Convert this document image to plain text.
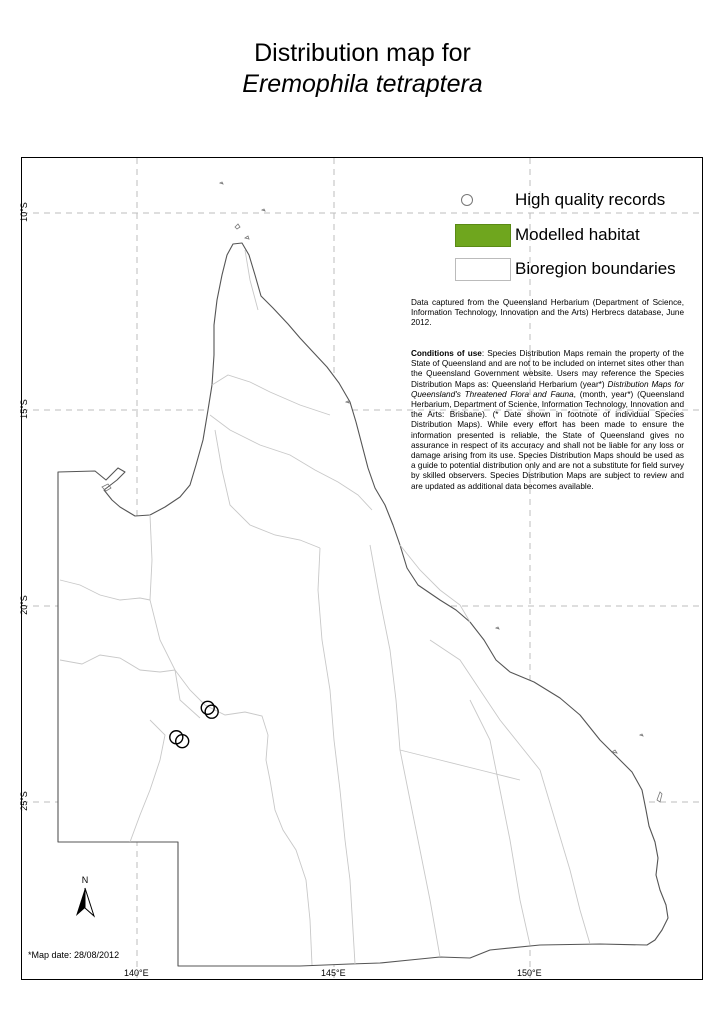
Distribution map for
Eremophila tetraptera
10°S
15°S
20°S
25°S
140°E	145°E	150°E
High quality records
Modelled habitat
Bioregion boundaries
Data captured from the Queensland Herbarium (Department of Science, Information Technology, Innovation and the Arts) Herbrecs database, June 2012.
Conditions of use: Species Distribution Maps remain the property of the State of Queensland and are not to be included on internet sites other than the Queensland Government website. Users may reference the Species Distribution Maps as: Queensland Herbarium (year*) Distribution Maps for Queensland's Threatened Flora and Fauna, (month, year*) (Queensland Herbarium, Department of Science, Information Technology, Innovation and the Arts: Brisbane). (* Date shown in footnote of individual Species Distribution Maps). While every effort has been made to ensure the information presented is reliable, the State of Queensland gives no assurance in respect of its accuracy and shall not be liable for any loss or damage arising from its use. Species Distribution Maps should be used as a guide to potential distribution only and are not a substitute for field survey by skilled observers. Species Distribution Maps are subject to review and are updated as additional data becomes available.
N
*Map date: 28/08/2012
